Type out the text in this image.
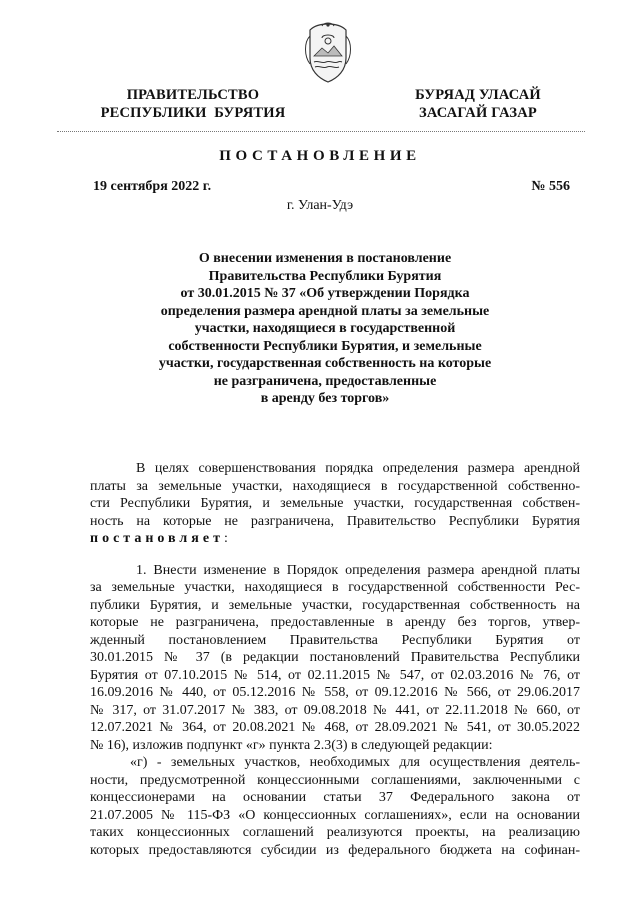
ПРАВИТЕЛЬСТВО
РЕСПУБЛИКИ  БУРЯТИЯ
БУРЯАД УЛАСАЙ
ЗАСАГАЙ ГАЗАР
ПОСТАНОВЛЕНИЕ
19 сентября 2022 г.	№ 556
г. Улан-Удэ
О внесении изменения в постановление
Правительства Республики Бурятия
от 30.01.2015 № 37 «Об утверждении Порядка
определения размера арендной платы за земельные
участки, находящиеся в государственной
собственности Республики Бурятия, и земельные
участки, государственная собственность на которые
не разграничена, предоставленные
в аренду без торгов»
В целях совершенствования порядка определения размера арендной
платы за земельные участки, находящиеся в государственной собственно-
сти Республики Бурятия, и земельные участки, государственная собствен-
ность на которые не разграничена, Правительство Республики Бурятия
постановляет:
1. Внести изменение в Порядок определения размера арендной платы
за земельные участки, находящиеся в государственной собственности Рес-
публики Бурятия, и земельные участки, государственная собственность на
которые не разграничена, предоставленные в аренду без торгов, утвер-
жденный постановлением Правительства Республики Бурятия от
30.01.2015 № 37 (в редакции постановлений Правительства Республики
Бурятия от 07.10.2015 № 514, от 02.11.2015 № 547, от 02.03.2016 № 76, от
16.09.2016 № 440, от 05.12.2016 № 558, от 09.12.2016 № 566, от 29.06.2017
№ 317, от 31.07.2017 № 383, от 09.08.2018 № 441, от 22.11.2018 № 660, от
12.07.2021 № 364, от 20.08.2021 № 468, от 28.09.2021 № 541, от 30.05.2022
№ 16), изложив подпункт «г» пункта 2.3(3) в следующей редакции:
«г) - земельных участков, необходимых для осуществления деятель-
ности, предусмотренной концессионными соглашениями, заключенными с
концессионерами на основании статьи 37 Федерального закона от
21.07.2005 № 115-ФЗ «О концессионных соглашениях», если на основании
таких концессионных соглашений реализуются проекты, на реализацию
которых предоставляются субсидии из федерального бюджета на софинан-
